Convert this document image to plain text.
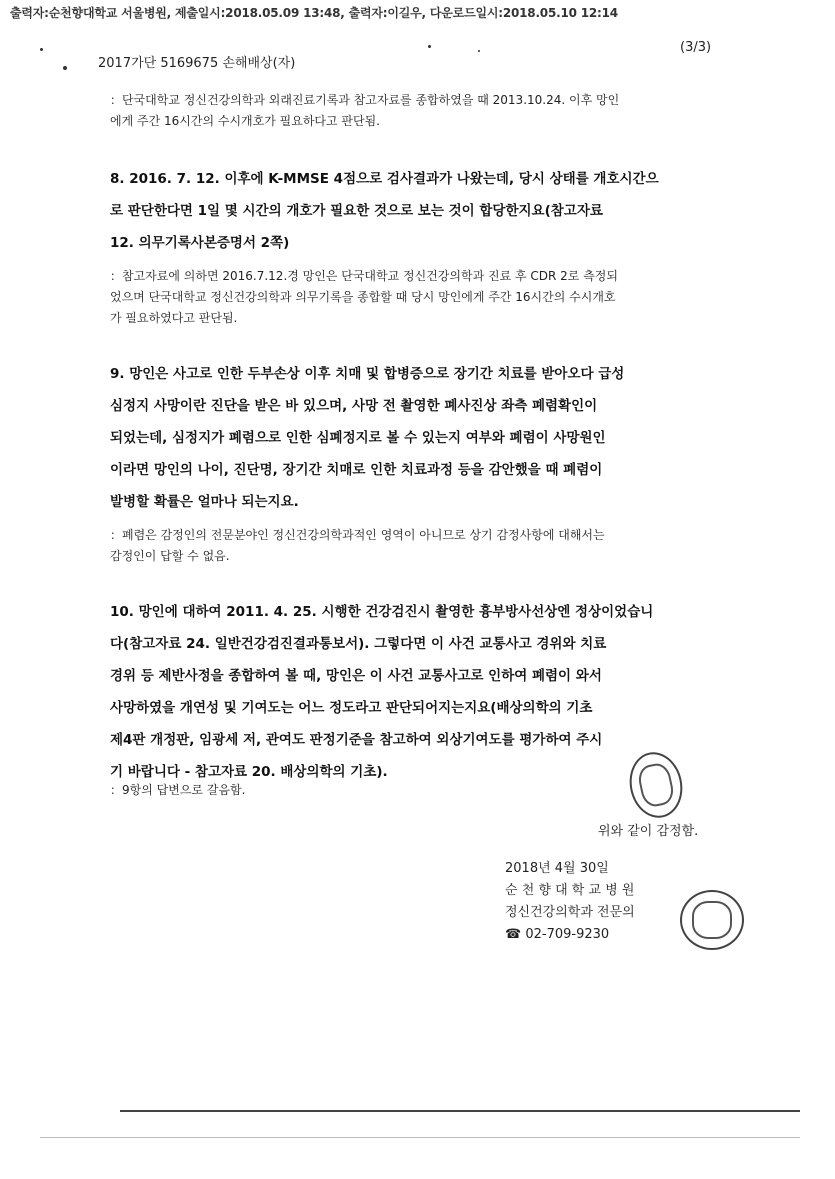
출력자:순천향대학교 서울병원, 제출일시:2018.05.09 13:48, 출력자:이길우, 다운로드일시:2018.05.10 12:14
2017가단 5169675 손해배상(자)
(3/3)
：단국대학교 정신건강의학과 외래진료기록과 참고자료를 종합하였을 때 2013.10.24. 이후 망인
에게 주간 16시간의 수시개호가 필요하다고 판단됨.
8. 2016. 7. 12. 이후에 K-MMSE 4점으로 검사결과가 나왔는데, 당시 상태를 개호시간으
로 판단한다면 1일 몇 시간의 개호가 필요한 것으로 보는 것이 합당한지요(참고자료
12. 의무기록사본증명서 2쪽)
：참고자료에 의하면 2016.7.12.경 망인은 단국대학교 정신건강의학과 진료 후 CDR 2로 측정되
었으며 단국대학교 정신건강의학과 의무기록을 종합할 때 당시 망인에게 주간 16시간의 수시개호
가 필요하였다고 판단됨.
9. 망인은 사고로 인한 두부손상 이후 치매 및 합병증으로 장기간 치료를 받아오다 급성
심정지 사망이란 진단을 받은 바 있으며, 사망 전 촬영한 폐사진상 좌측 폐렴확인이
되었는데, 심정지가 폐렴으로 인한 심폐정지로 볼 수 있는지 여부와 폐렴이 사망원인
이라면 망인의 나이, 진단명, 장기간 치매로 인한 치료과정 등을 감안했을 때 폐렴이
발병할 확률은 얼마나 되는지요.
：폐렴은 감정인의 전문분야인 정신건강의학과적인 영역이 아니므로 상기 감정사항에 대해서는
감정인이 답할 수 없음.
10. 망인에 대하여 2011. 4. 25. 시행한 건강검진시 촬영한 흉부방사선상엔 정상이었습니
다(참고자료 24. 일반건강검진결과통보서). 그렇다면 이 사건 교통사고 경위와 치료
경위 등 제반사정을 종합하여 볼 때, 망인은 이 사건 교통사고로 인하여 폐렴이 와서
사망하였을 개연성 및 기여도는 어느 정도라고 판단되어지는지요(배상의학의 기초
제4판 개정판, 임광세 저, 관여도 판정기준을 참고하여 외상기여도를 평가하여 주시
기 바랍니다 - 참고자료 20. 배상의학의 기초).
：9항의 답변으로 갈음함.
위와 같이 감정함.
2018년 4월 30일
순 천 향 대 학 교 병 원
정신건강의학과 전문의
☎ 02-709-9230
